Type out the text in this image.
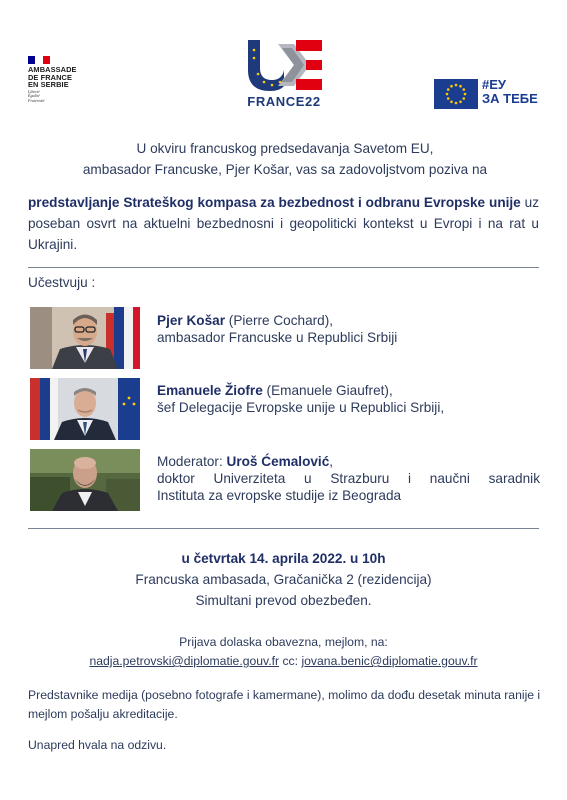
AMBASSADE
DE FRANCE
EN SERBIE
Liberté
Égalité
Fraternité	FRANCE22
#ЕУ
ЗА ТЕБЕ
U okviru francuskog predsedavanja Savetom EU,
ambasador Francuske, Pjer Košar, vas sa zadovoljstvom poziva na
predstavljanje Strateškog kompasa za bezbednost i odbranu Evropske unije uz poseban osvrt na aktuelni bezbednosni i geopoliticki kontekst u Evropi i na rat u Ukrajini.
Učestvuju :
Pjer Košar (Pierre Cochard),
ambasador Francuske u Republici Srbiji
Emanuele Žiofre (Emanuele Giaufret),
šef Delegacije Evropske unije u Republici Srbiji,
Moderator: Uroš Ćemalović,
doktor Univerziteta u Strazburu i naučni saradnik
Instituta za evropske studije iz Beograda
u četvrtak 14. aprila 2022. u 10h
Francuska ambasada, Gračanička 2 (rezidencija)
Simultani prevod obezbeđen.
Prijava dolaska obavezna, mejlom, na:
nadja.petrovski@diplomatie.gouv.fr cc: jovana.benic@diplomatie.gouv.fr
Predstavnike medija (posebno fotografe i kamermane), molimo da dođu desetak minuta ranije i mejlom pošalju akreditacije.
Unapred hvala na odzivu.
